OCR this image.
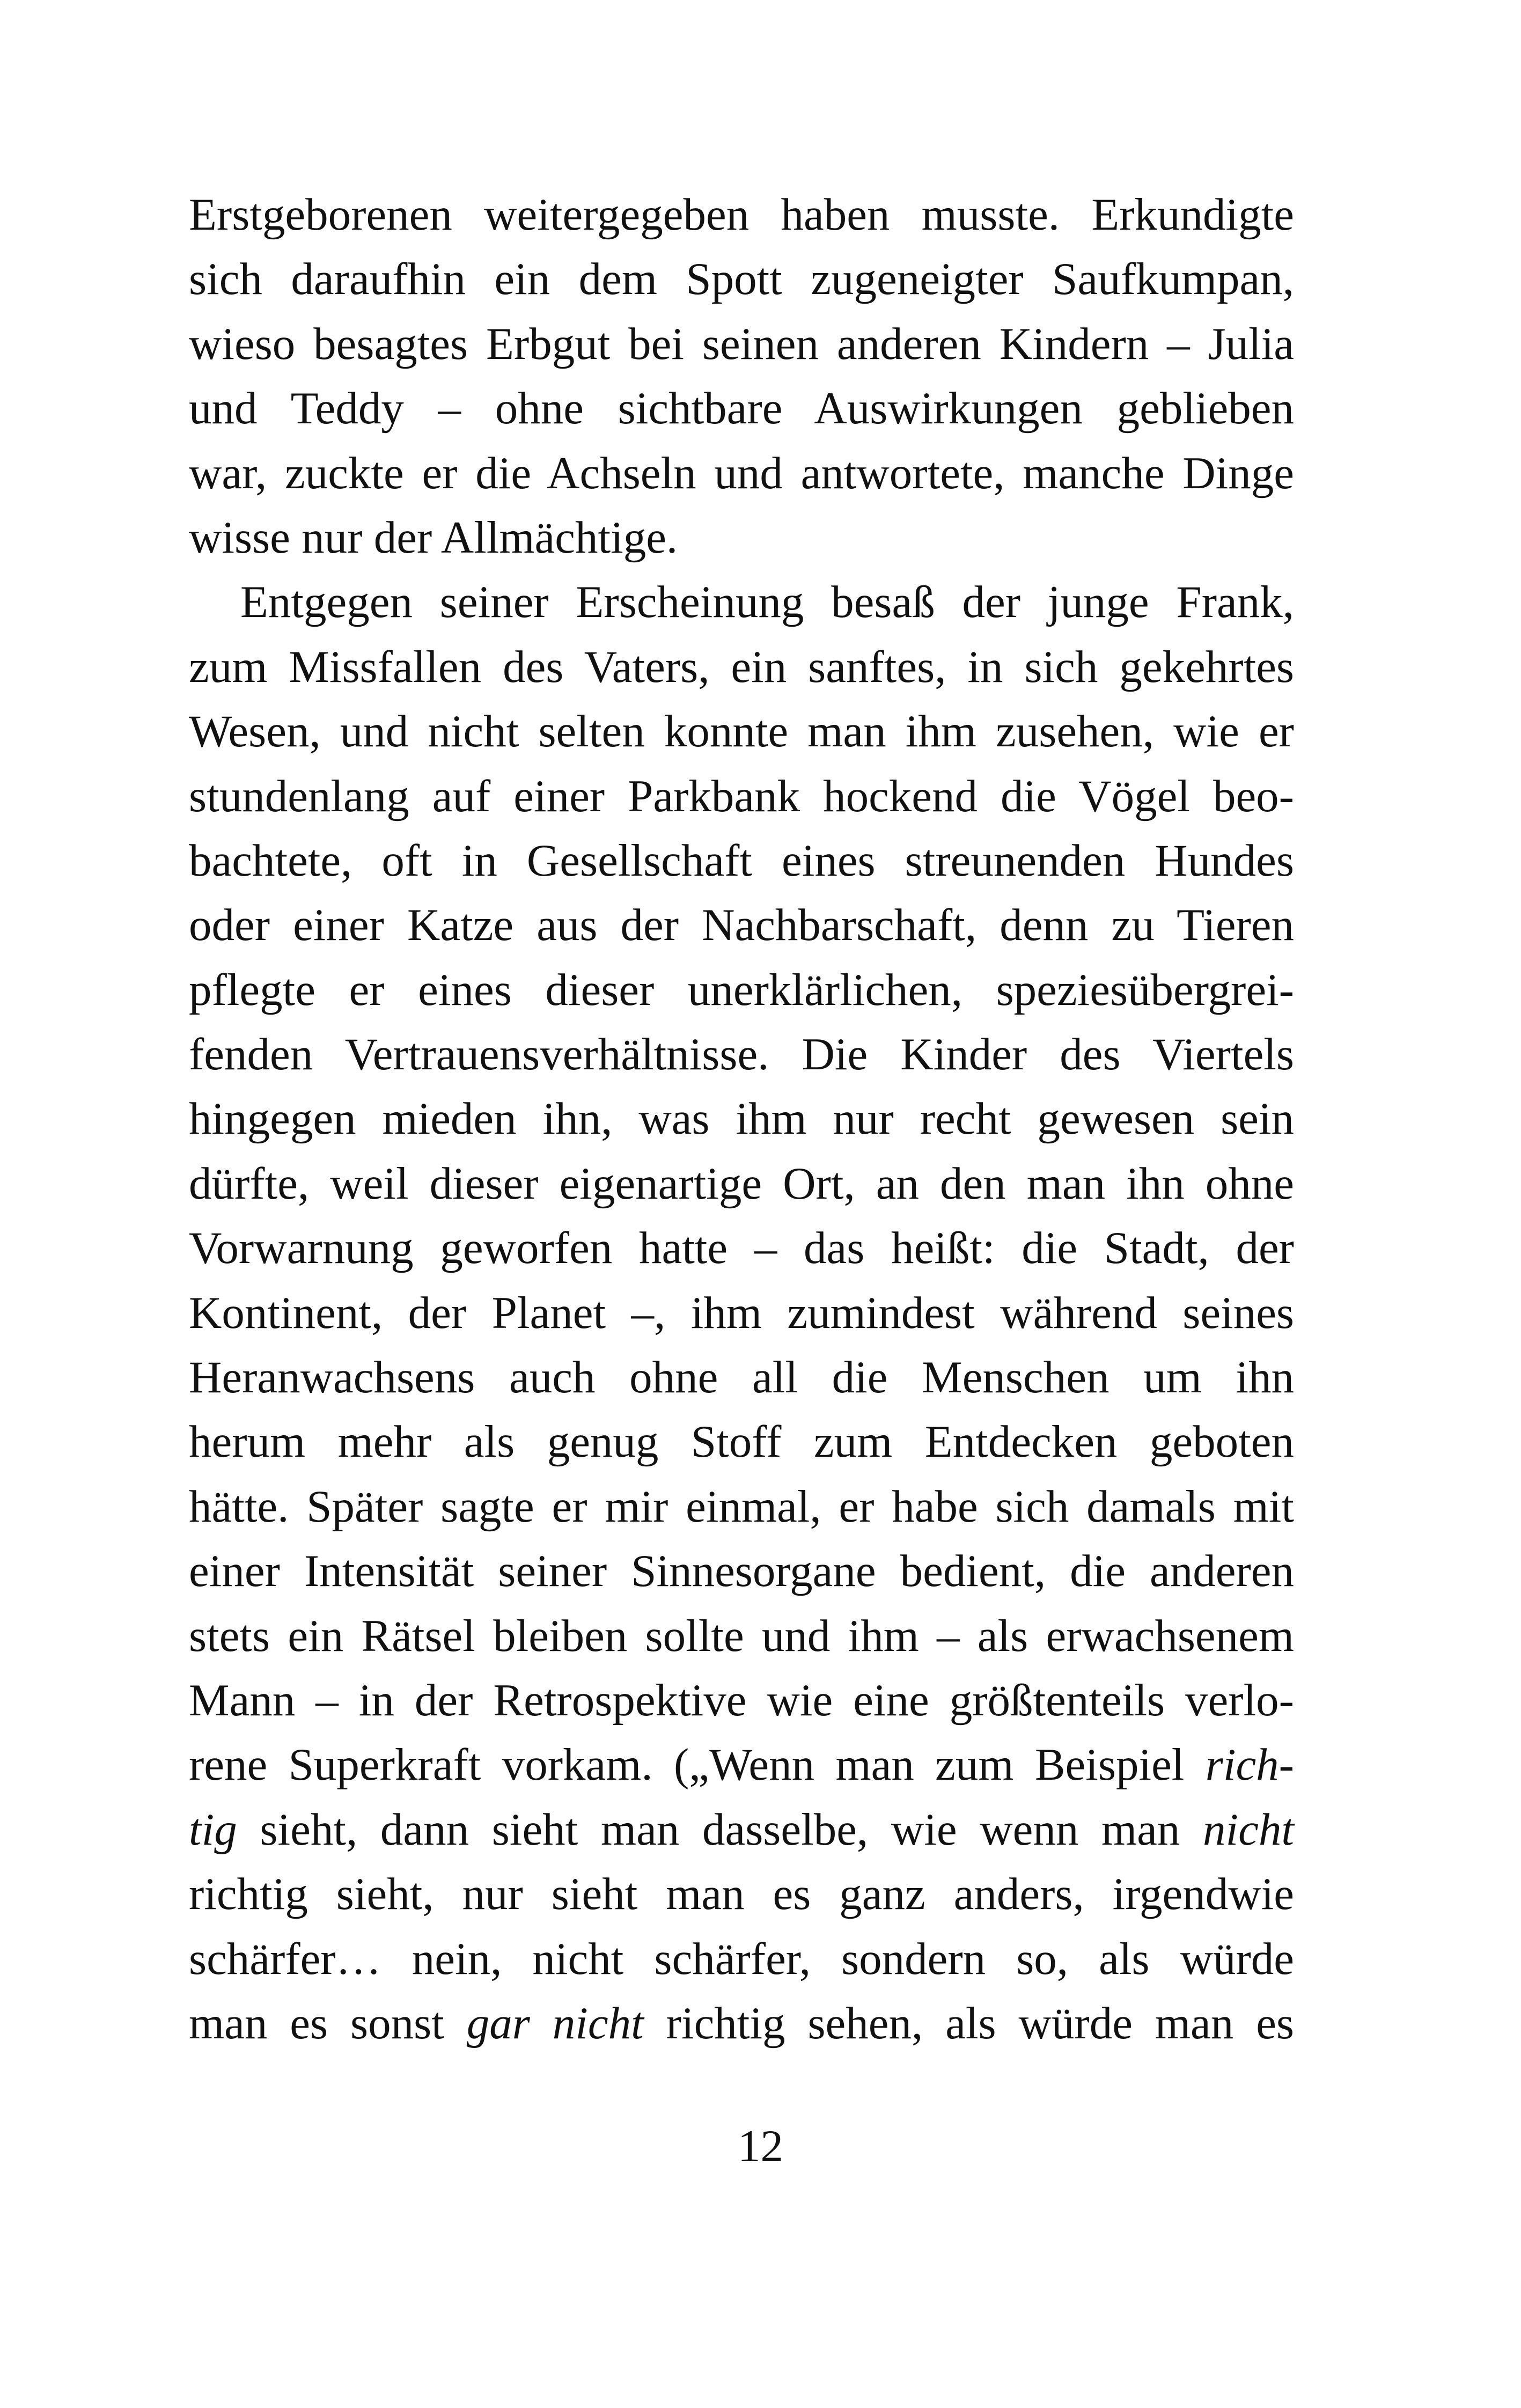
Erstgeborenen weitergegeben haben musste. Erkundigte
sich daraufhin ein dem Spott zugeneigter Saufkumpan,
wieso besagtes Erbgut bei seinen anderen Kindern – Julia
und Teddy – ohne sichtbare Auswirkungen geblieben
war, zuckte er die Achseln und antwortete, manche Dinge
wisse nur der Allmächtige.
Entgegen seiner Erscheinung besaß der junge Frank,
zum Missfallen des Vaters, ein sanftes, in sich gekehrtes
Wesen, und nicht selten konnte man ihm zusehen, wie er
stundenlang auf einer Parkbank hockend die Vögel beo-
bachtete, oft in Gesellschaft eines streunenden Hundes
oder einer Katze aus der Nachbarschaft, denn zu Tieren
pflegte er eines dieser unerklärlichen, speziesübergrei-
fenden Vertrauensverhältnisse. Die Kinder des Viertels
hingegen mieden ihn, was ihm nur recht gewesen sein
dürfte, weil dieser eigenartige Ort, an den man ihn ohne
Vorwarnung geworfen hatte – das heißt: die Stadt, der
Kontinent, der Planet –, ihm zumindest während seines
Heranwachsens auch ohne all die Menschen um ihn
herum mehr als genug Stoff zum Entdecken geboten
hätte. Später sagte er mir einmal, er habe sich damals mit
einer Intensität seiner Sinnesorgane bedient, die anderen
stets ein Rätsel bleiben sollte und ihm – als erwachsenem
Mann – in der Retrospektive wie eine größtenteils verlo-
rene Superkraft vorkam. („Wenn man zum Beispiel rich-
tig sieht, dann sieht man dasselbe, wie wenn man nicht
richtig sieht, nur sieht man es ganz anders, irgendwie
schärfer… nein, nicht schärfer, sondern so, als würde
man es sonst gar nicht richtig sehen, als würde man es
12
